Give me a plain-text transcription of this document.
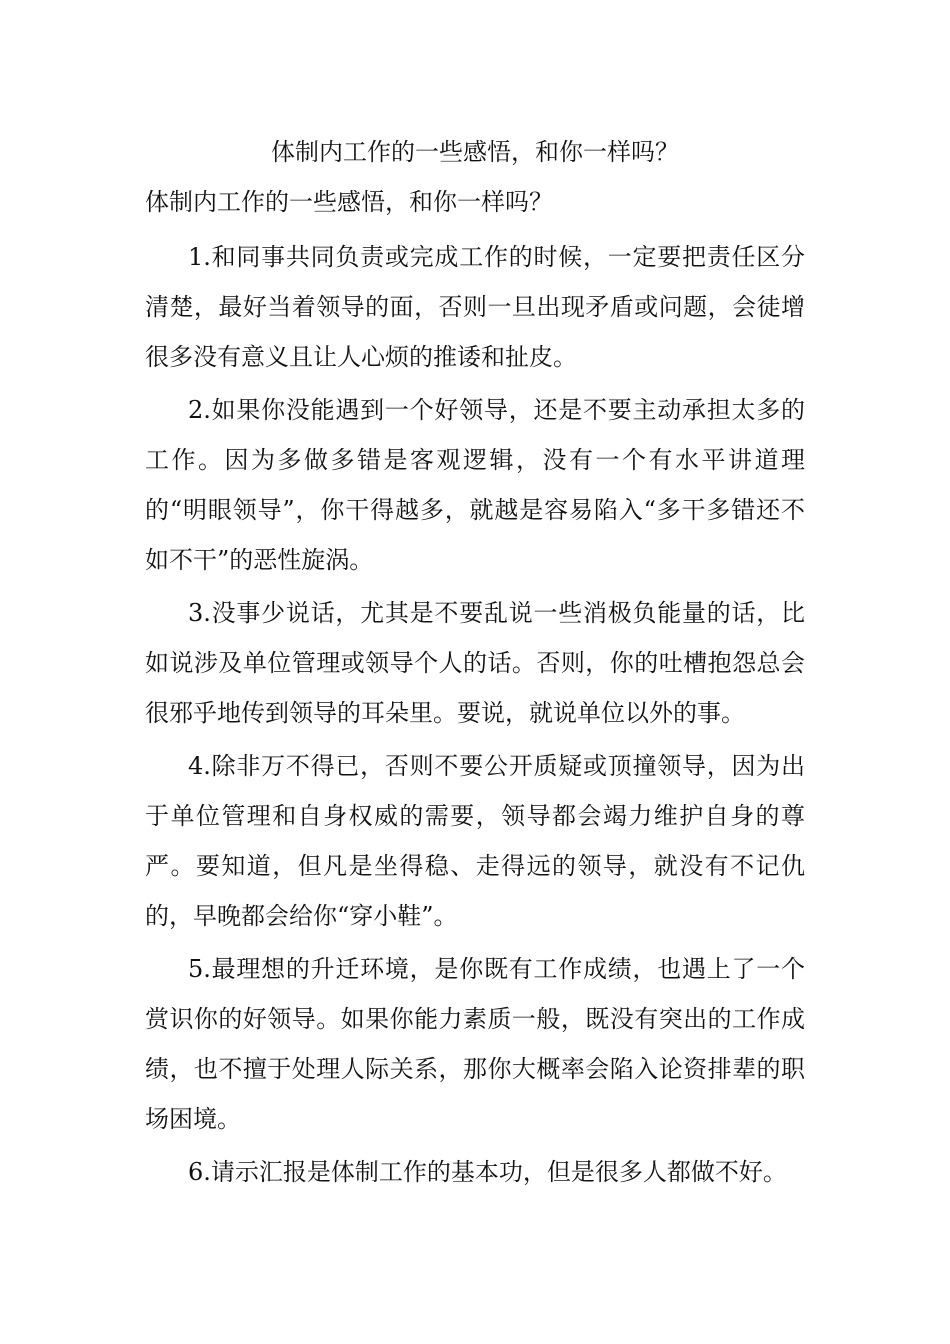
体制内工作的一些感悟，和你一样吗？

体制内工作的一些感悟，和你一样吗？

1.和同事共同负责或完成工作的时候，一定要把责任区分清楚，最好当着领导的面，否则一旦出现矛盾或问题，会徒增很多没有意义且让人心烦的推诿和扯皮。

2.如果你没能遇到一个好领导，还是不要主动承担太多的工作。因为多做多错是客观逻辑，没有一个有水平讲道理的“明眼领导”，你干得越多，就越是容易陷入“多干多错还不如不干”的恶性旋涡。

3.没事少说话，尤其是不要乱说一些消极负能量的话，比如说涉及单位管理或领导个人的话。否则，你的吐槽抱怨总会很邪乎地传到领导的耳朵里。要说，就说单位以外的事。

4.除非万不得已，否则不要公开质疑或顶撞领导，因为出于单位管理和自身权威的需要，领导都会竭力维护自身的尊严。要知道，但凡是坐得稳、走得远的领导，就没有不记仇的，早晚都会给你“穿小鞋”。

5.最理想的升迁环境，是你既有工作成绩，也遇上了一个赏识你的好领导。如果你能力素质一般，既没有突出的工作成绩，也不擅于处理人际关系，那你大概率会陷入论资排辈的职场困境。

6.请示汇报是体制工作的基本功，但是很多人都做不好。
